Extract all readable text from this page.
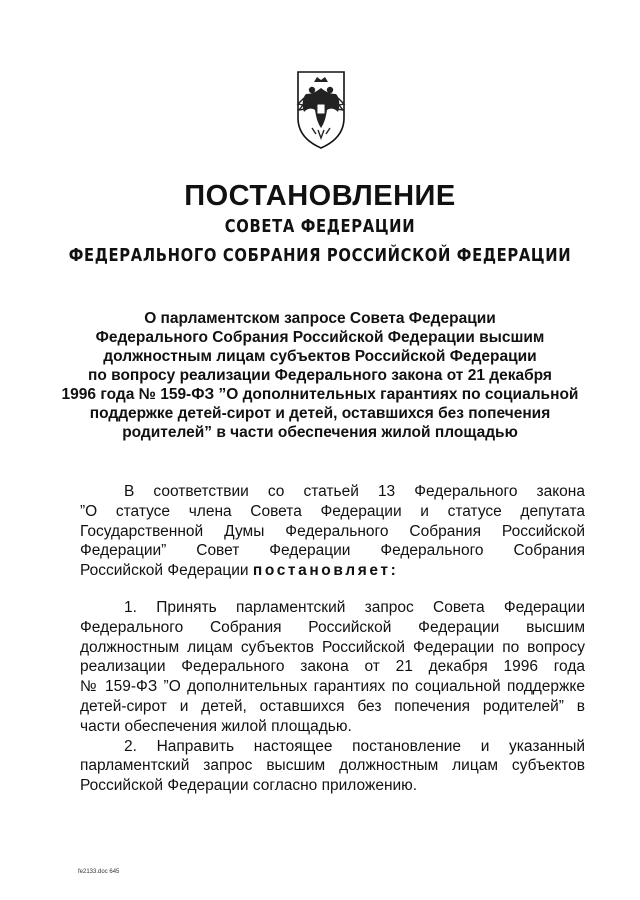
ПОСТАНОВЛЕНИЕ
СОВЕТА ФЕДЕРАЦИИ
ФЕДЕРАЛЬНОГО СОБРАНИЯ РОССИЙСКОЙ ФЕДЕРАЦИИ
О парламентском запросе Совета Федерации
Федерального Собрания Российской Федерации высшим
должностным лицам субъектов Российской Федерации
по вопросу реализации Федерального закона от 21 декабря
1996 года № 159-ФЗ ”О дополнительных гарантиях по социальной
поддержке детей-сирот и детей, оставшихся без попечения
родителей” в части обеспечения жилой площадью
В соответствии со статьей 13 Федерального закона
”О статусе члена Совета Федерации и статусе депутата
Государственной Думы Федерального Собрания Российской
Федерации” Совет Федерации Федерального Собрания
Российской Федерации постановляет:
1. Принять парламентский запрос Совета Федерации
Федерального Собрания Российской Федерации высшим
должностным лицам субъектов Российской Федерации по вопросу
реализации Федерального закона от 21 декабря 1996 года
№ 159-ФЗ ”О дополнительных гарантиях по социальной поддержке
детей-сирот и детей, оставшихся без попечения родителей” в
части обеспечения жилой площадью.
2. Направить настоящее постановление и указанный
парламентский запрос высшим должностным лицам субъектов
Российской Федерации согласно приложению.
fe2133.doc 645
